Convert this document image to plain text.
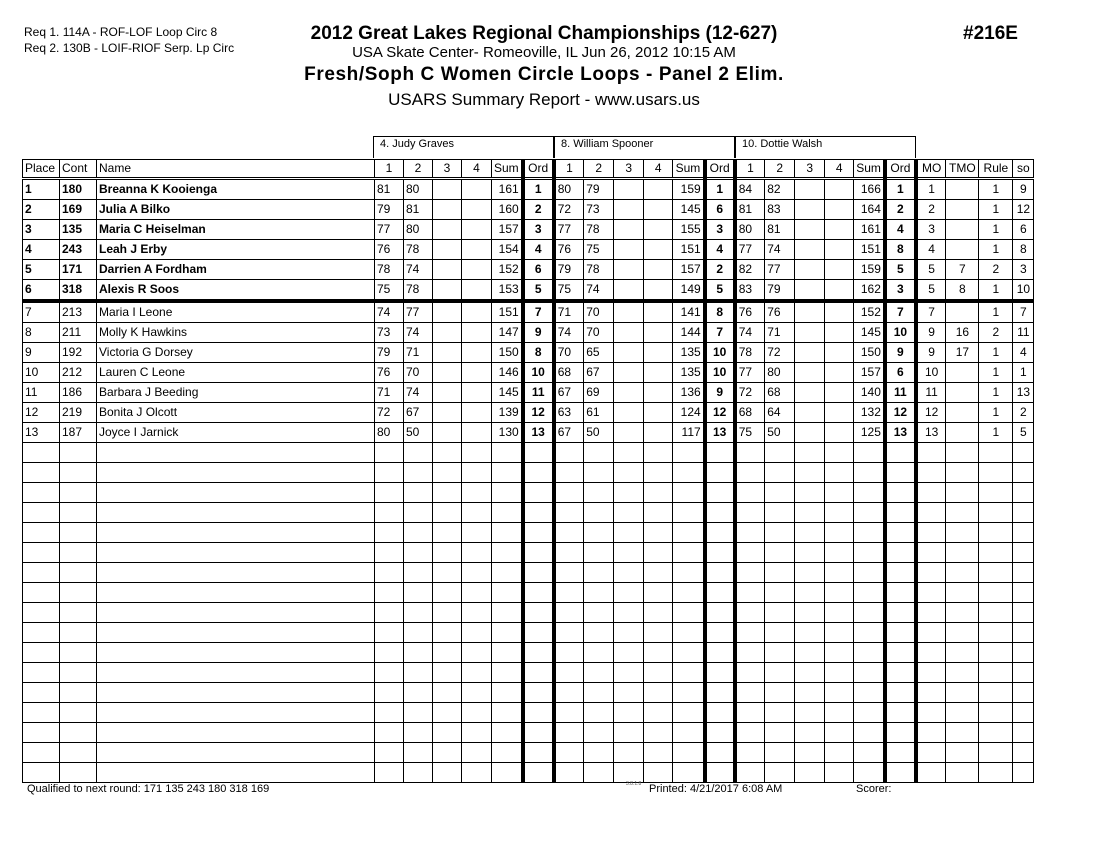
Req 1. 114A - ROF-LOF Loop Circ 8
Req 2. 130B - LOIF-RIOF Serp. Lp Circ
2012 Great Lakes Regional Championships (12-627)
USA Skate Center- Romeoville, IL Jun 26, 2012 10:15 AM
Fresh/Soph C Women Circle Loops - Panel 2 Elim.
USARS Summary Report - www.usars.us
#216E
4. Judy Graves	8. William Spooner	10. Dottie Walsh
Place	Cont	Name	1	2	3	4	Sum	Ord	1	2	3	4	Sum	Ord	1	2	3	4	Sum	Ord	MO	TMO	Rule	so
1	180	Breanna K Kooienga	81	80			161	1	80	79			159	1	84	82			166	1	1		1	9
2	169	Julia A Bilko	79	81			160	2	72	73			145	6	81	83			164	2	2		1	12
3	135	Maria C Heiselman	77	80			157	3	77	78			155	3	80	81			161	4	3		1	6
4	243	Leah J Erby	76	78			154	4	76	75			151	4	77	74			151	8	4		1	8
5	171	Darrien A Fordham	78	74			152	6	79	78			157	2	82	77			159	5	5	7	2	3
6	318	Alexis R Soos	75	78			153	5	75	74			149	5	83	79			162	3	5	8	1	10
7	213	Maria I Leone	74	77			151	7	71	70			141	8	76	76			152	7	7		1	7
8	211	Molly K Hawkins	73	74			147	9	74	70			144	7	74	71			145	10	9	16	2	11
9	192	Victoria G Dorsey	79	71			150	8	70	65			135	10	78	72			150	9	9	17	1	4
10	212	Lauren C Leone	76	70			146	10	68	67			135	10	77	80			157	6	10		1	1
11	186	Barbara J Beeding	71	74			145	11	67	69			136	9	72	68			140	11	11		1	13
12	219	Bonita J Olcott	72	67			139	12	63	61			124	12	68	64			132	12	12		1	2
13	187	Joyce I Jarnick	80	50			130	13	67	50			117	13	75	50			125	13	13		1	5

Qualified to next round: 171 135 243 180 318 169	3.8.1.8 Printed: 4/21/2017 6:08 AM	Scorer:
